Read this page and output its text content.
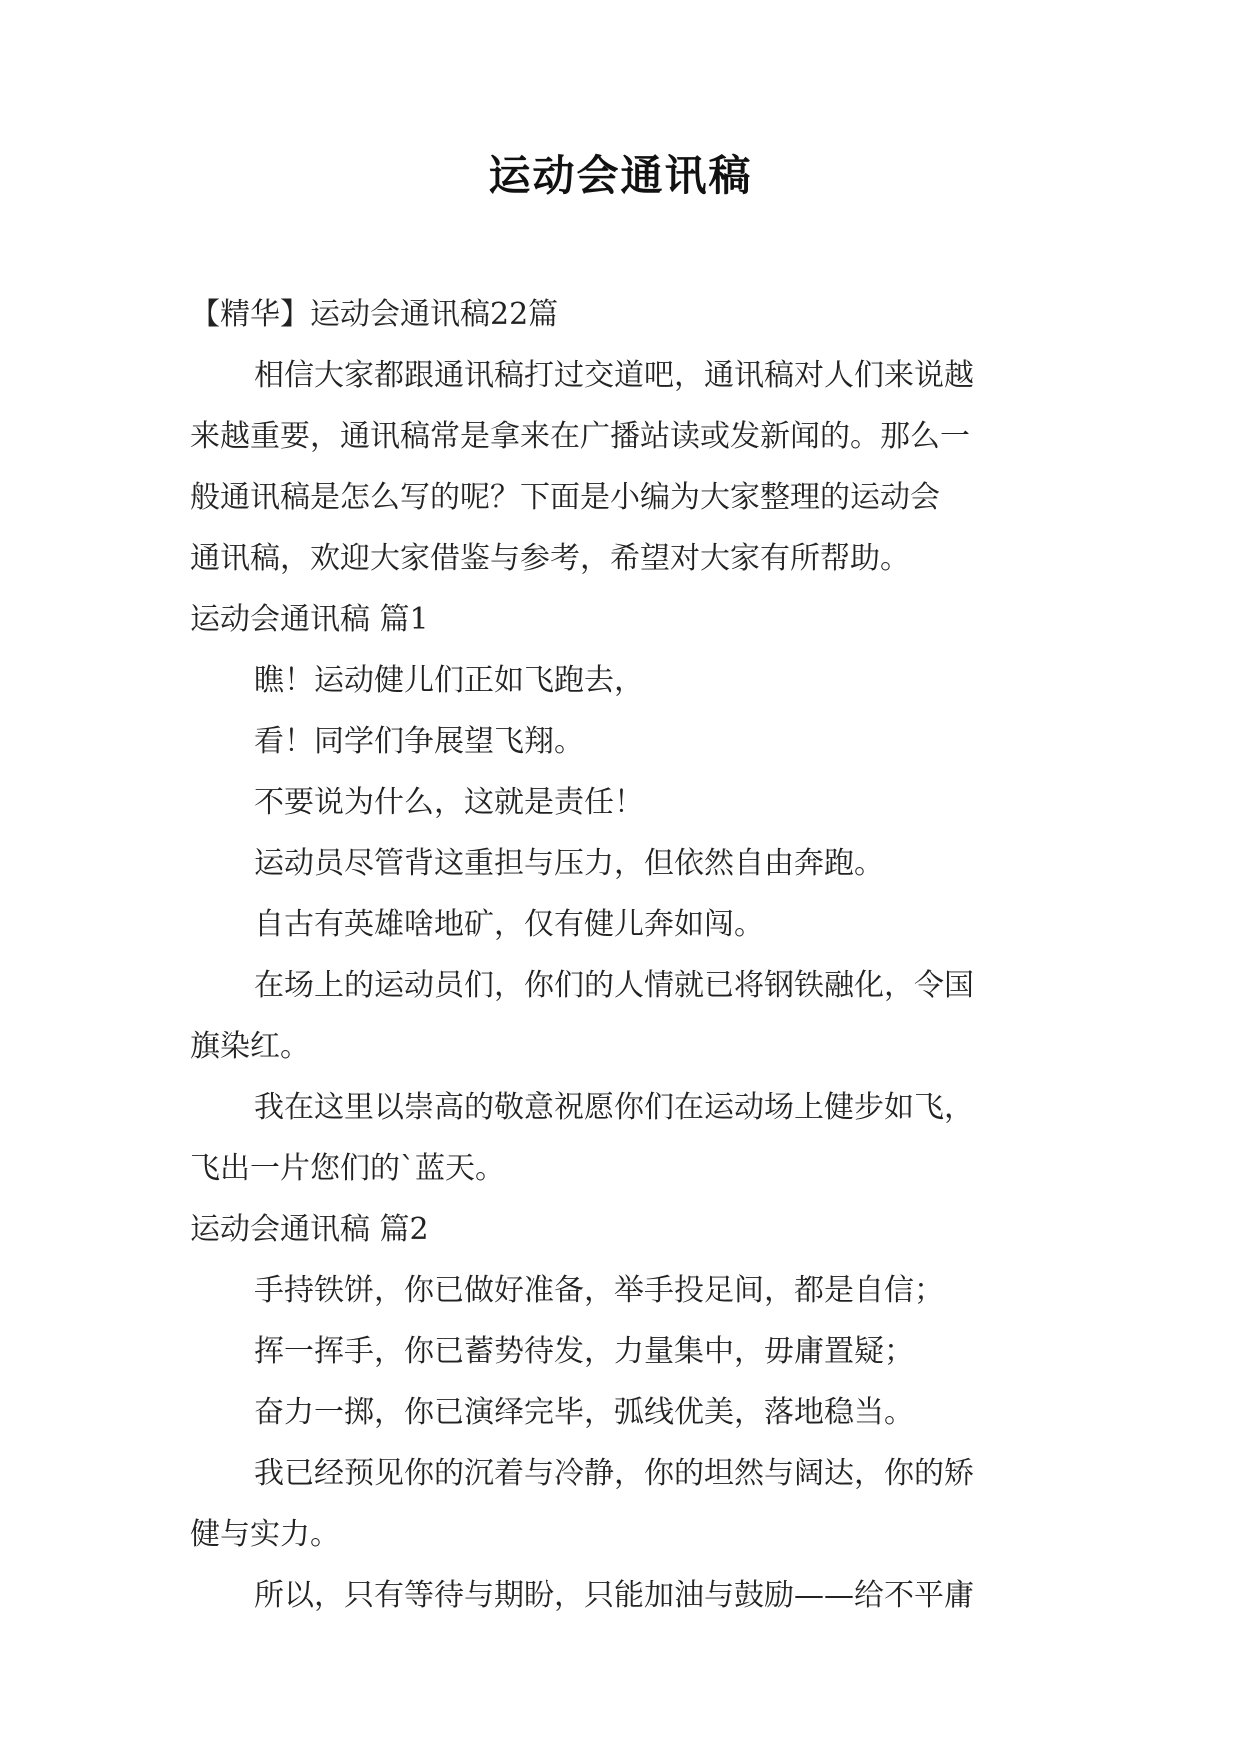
运动会通讯稿
【精华】运动会通讯稿22篇
相信大家都跟通讯稿打过交道吧，通讯稿对人们来说越
来越重要，通讯稿常是拿来在广播站读或发新闻的。那么一
般通讯稿是怎么写的呢？下面是小编为大家整理的运动会
通讯稿，欢迎大家借鉴与参考，希望对大家有所帮助。
运动会通讯稿 篇1
瞧！运动健儿们正如飞跑去，
看！同学们争展望飞翔。
不要说为什么，这就是责任！
运动员尽管背这重担与压力，但依然自由奔跑。
自古有英雄啥地矿，仅有健儿奔如闯。
在场上的运动员们，你们的人情就已将钢铁融化，令国
旗染红。
我在这里以崇高的敬意祝愿你们在运动场上健步如飞，
飞出一片您们的`蓝天。
运动会通讯稿 篇2
手持铁饼，你已做好准备，举手投足间，都是自信；
挥一挥手，你已蓄势待发，力量集中，毋庸置疑；
奋力一掷，你已演绎完毕，弧线优美，落地稳当。
我已经预见你的沉着与冷静，你的坦然与阔达，你的矫
健与实力。
所以，只有等待与期盼，只能加油与鼓励——给不平庸
